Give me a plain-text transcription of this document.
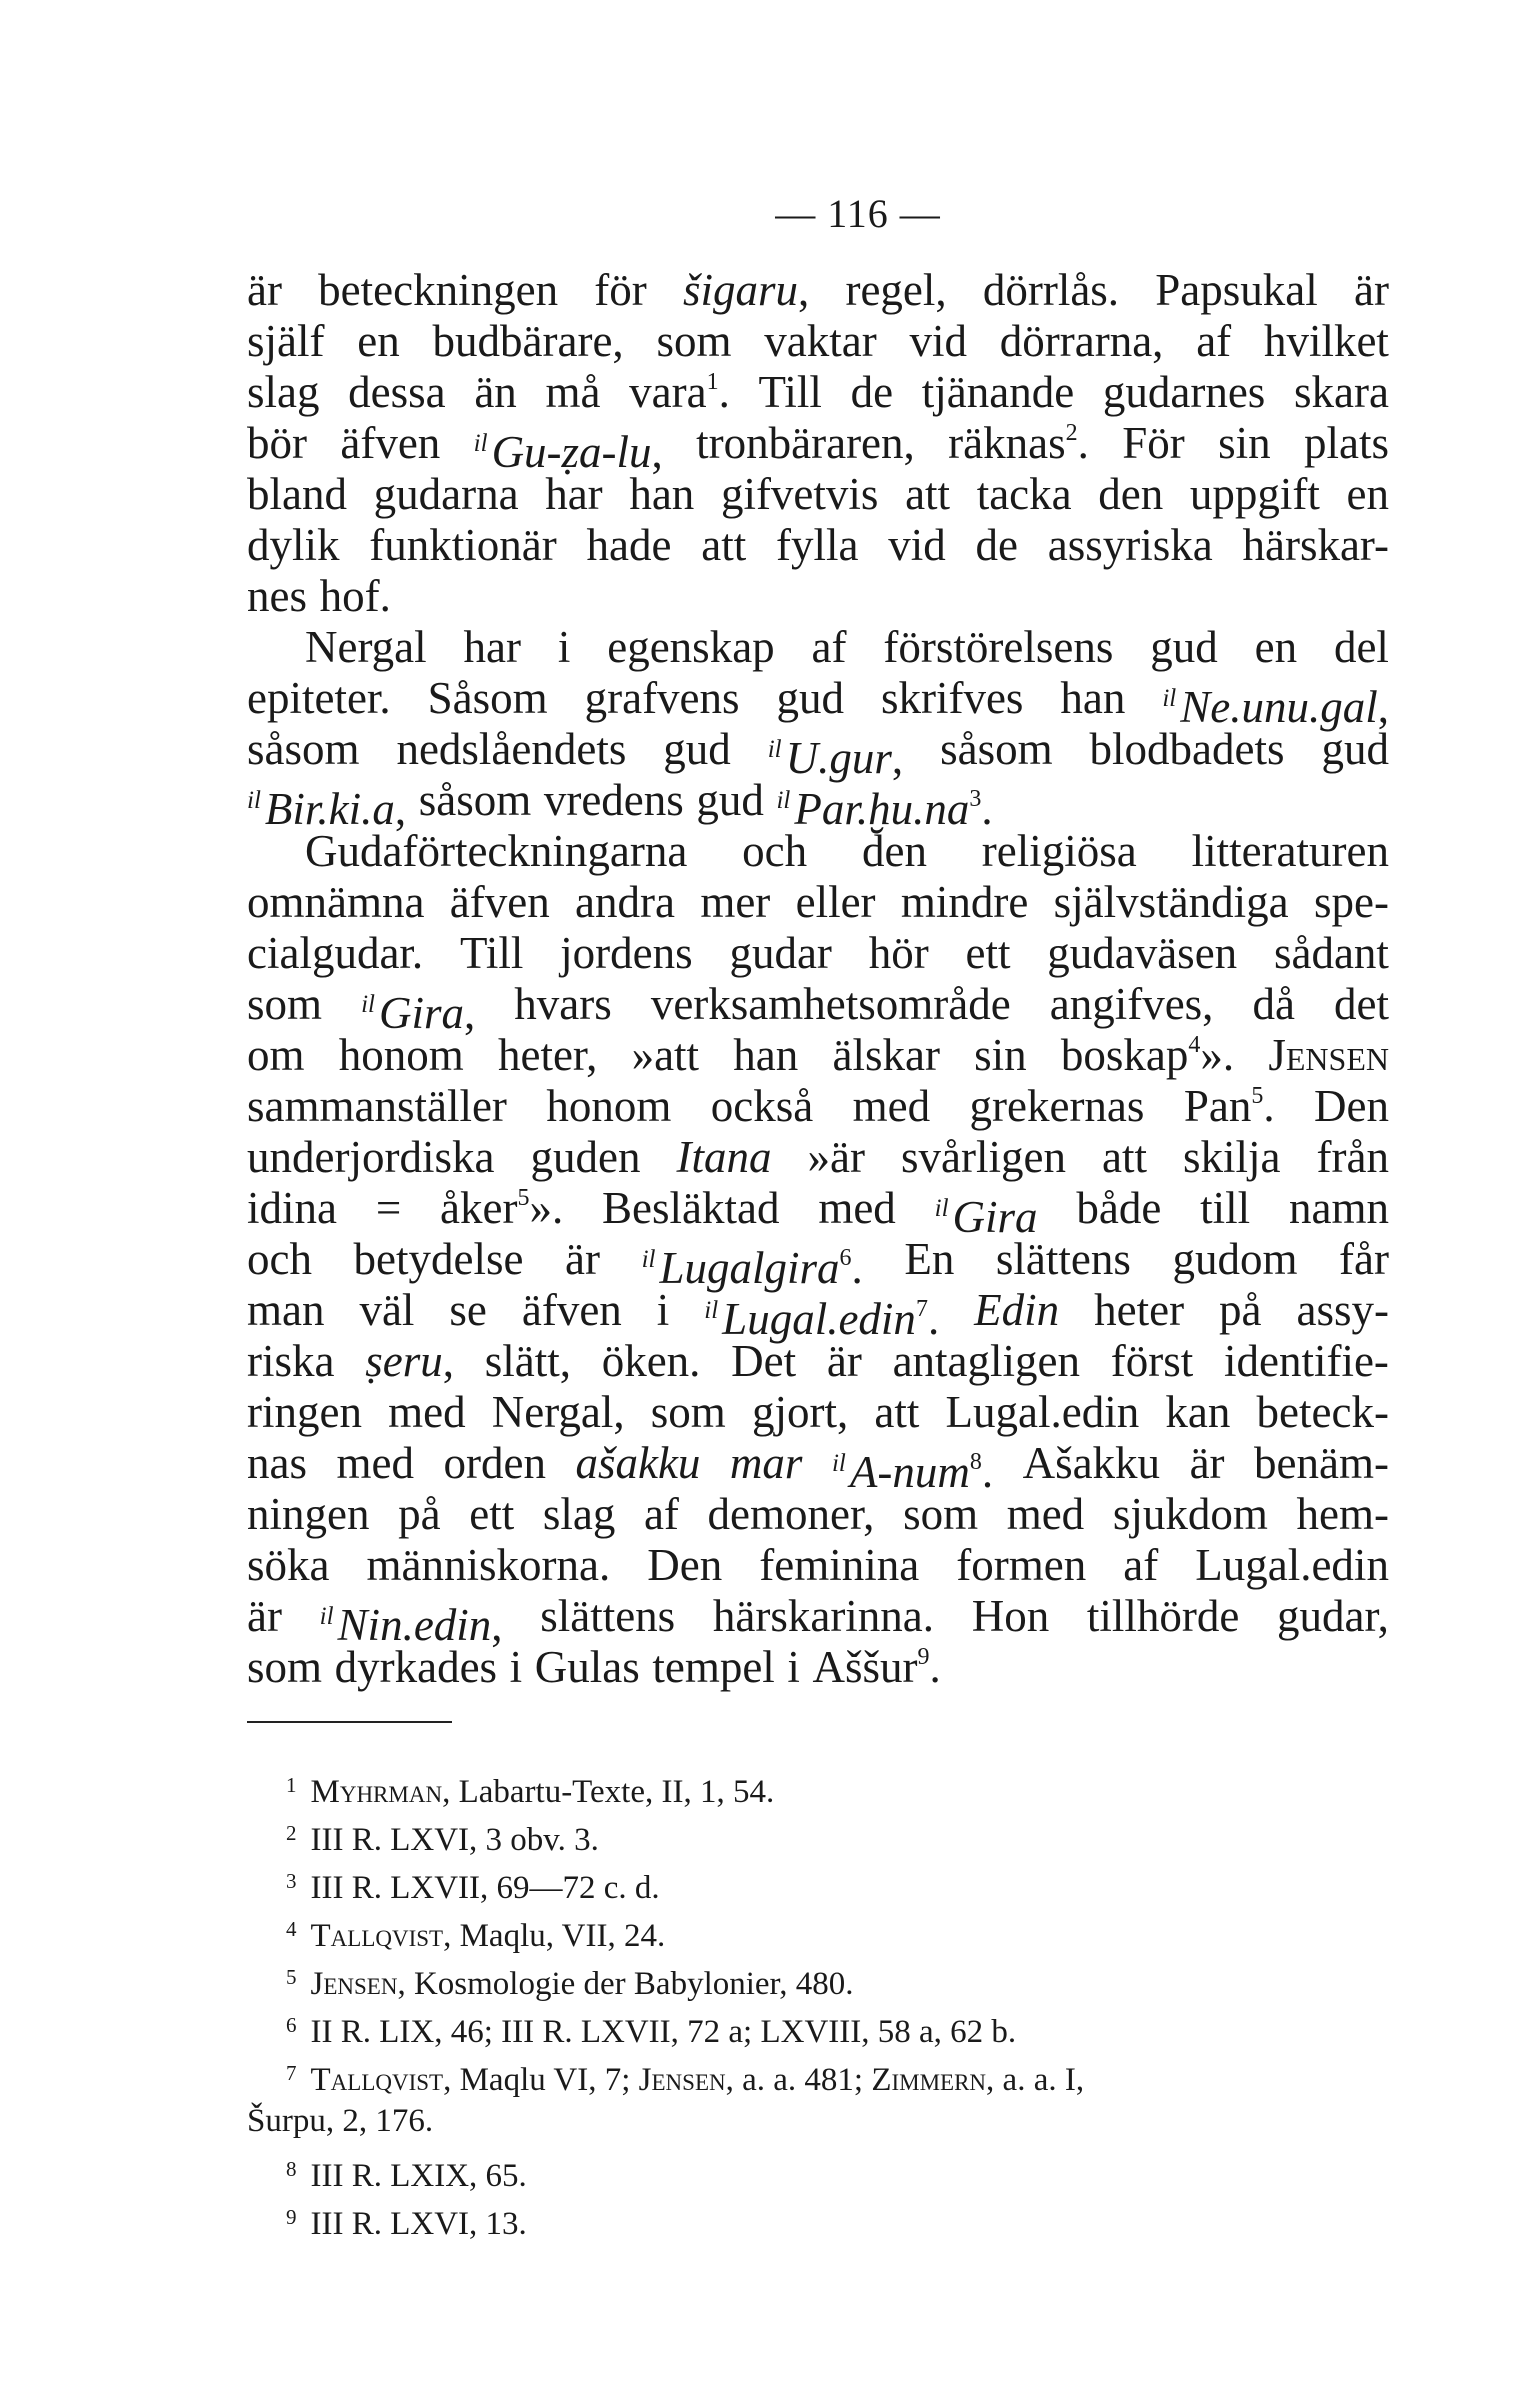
— 116 —
är beteckningen för šigaru, regel, dörrlås. Papsukal är
själf en budbärare, som vaktar vid dörrarna, af hvilket
slag dessa än må vara$^1$. Till de tjänande gudarnes skara
bör äfven $^{il}$Gu-ẓa-lu, tronbäraren, räknas$^2$. För sin plats
bland gudarna har han gifvetvis att tacka den uppgift en
dylik funktionär hade att fylla vid de assyriska härskar-
nes hof.
Nergal har i egenskap af förstörelsens gud en del
epiteter. Såsom grafvens gud skrifves han $^{il}$Ne.unu.gal,
såsom nedslåendets gud $^{il}$U.gur, såsom blodbadets gud
$^{il}$Bir.ki.a, såsom vredens gud $^{il}Par.ḫu.na^3$.
Gudaförteckningarna och den religiösa litteraturen
omnämna äfven andra mer eller mindre självständiga spe-
cialgudar. Till jordens gudar hör ett gudaväsen sådant
som $^{il}$Gira, hvars verksamhetsområde angifves, då det
om honom heter, »att han älskar sin boskap$^4$». Jensen
sammanställer honom också med grekernas Pan$^5$. Den
underjordiska guden Itana »är svårligen att skilja från
idina = åker$^5$». Besläktad med $^{il}$Gira både till namn
och betydelse är $^{il}$Lugalgira$^6$. En slättens gudom får
man väl se äfven i $^{il}$Lugal.edin$^7$. Edin heter på assy-
riska ṣeru, slätt, öken. Det är antagligen först identifie-
ringen med Nergal, som gjort, att Lugal.edin kan beteck-
nas med orden ašakku mar $^{il}$A-num$^8$. Ašakku är benäm-
ningen på ett slag af demoner, som med sjukdom hem-
söka människorna. Den feminina formen af Lugal.edin
är $^{il}$Nin.edin, slättens härskarinna. Hon tillhörde gudar,
som dyrkades i Gulas tempel i Aššur$^9$.
$^1$ Myhrman, Labartu-Texte, II, 1, 54.
$^2$ III R. LXVI, 3 obv. 3.
$^3$ III R. LXVII, 69—72 c. d.
$^4$ Tallqvist, Maqlu, VII, 24.
$^5$ Jensen, Kosmologie der Babylonier, 480.
$^6$ II R. LIX, 46; III R. LXVII, 72 a; LXVIII, 58 a, 62 b.
$^7$ Tallqvist, Maqlu VI, 7; Jensen, a. a. 481; Zimmern, a. a. I,
Šurpu, 2, 176.
$^8$ III R. LXIX, 65.
$^9$ III R. LXVI, 13.
